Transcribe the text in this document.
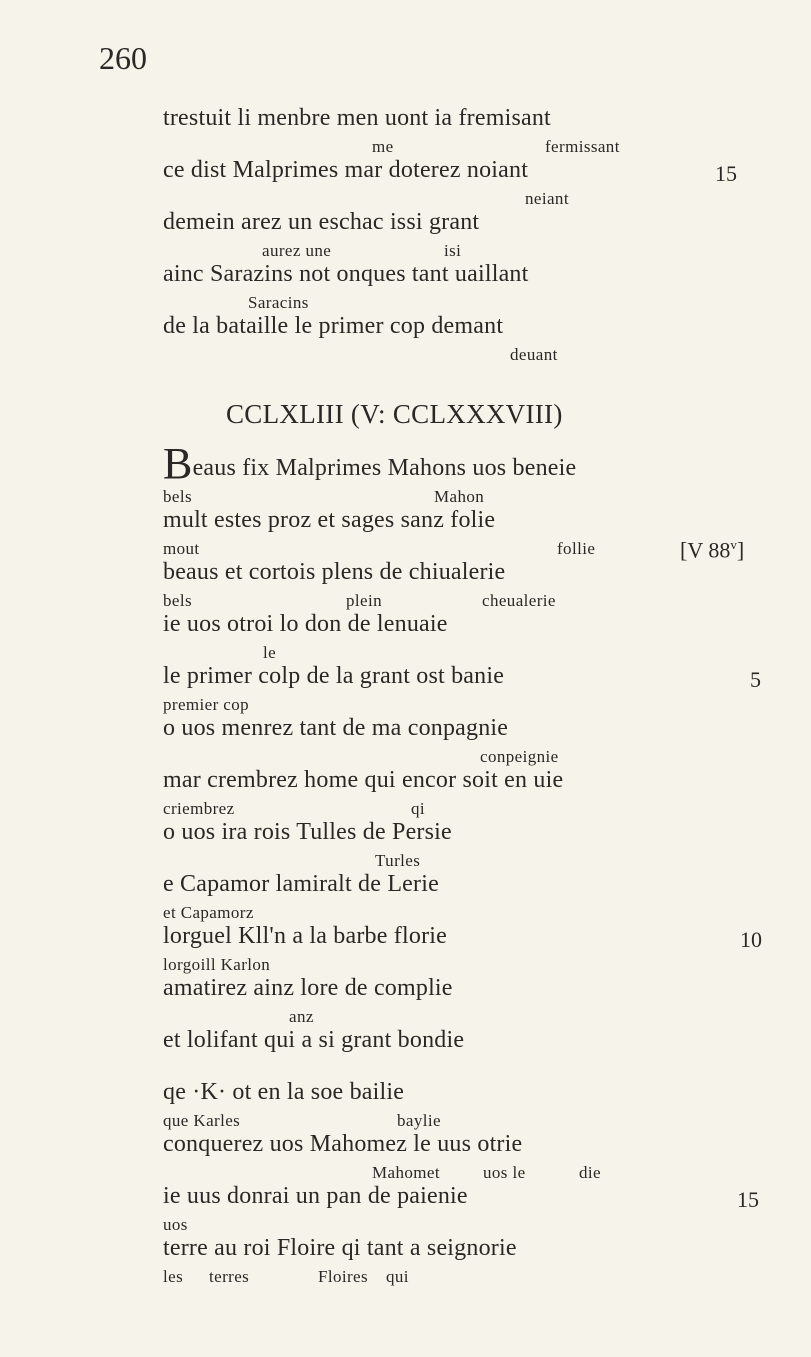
260
trestuit li menbre men uont ia fremisant
me	fermissant
ce dist Malprimes mar doterez noiant	15
neiant
demein arez un eschac issi grant
aurez une	isi
ainc Sarazins not onques tant uaillant
Saracins
de la bataille le primer cop demant
deuant
CCLXLIII (V: CCLXXXVIII)
Beaus fix Malprimes Mahons uos beneie
bels	Mahon
mult estes proz et sages sanz folie
mout	follie	[V 88$^v$]
beaus et cortois plens de chiualerie
bels	plein	cheualerie
ie uos otroi lo don de lenuaie
le
le primer colp de la grant ost banie	5
premier cop
o uos menrez tant de ma conpagnie
conpeignie
mar crembrez home qui encor soit en uie
criembrez	qi
o uos ira rois Tulles de Persie
Turles
e Capamor lamiralt de Lerie
et Capamorz
lorguel Kll'n a la barbe florie	10
lorgoill Karlon
amatirez ainz lore de complie
anz
et lolifant qui a si grant bondie
qe ·K· ot en la soe bailie
que Karles	baylie
conquerez uos Mahomez le uus otrie
Mahomet	uos le	die
ie uus donrai un pan de paienie	15
uos
terre au roi Floire qi tant a seignorie
les terres	Floires qui
